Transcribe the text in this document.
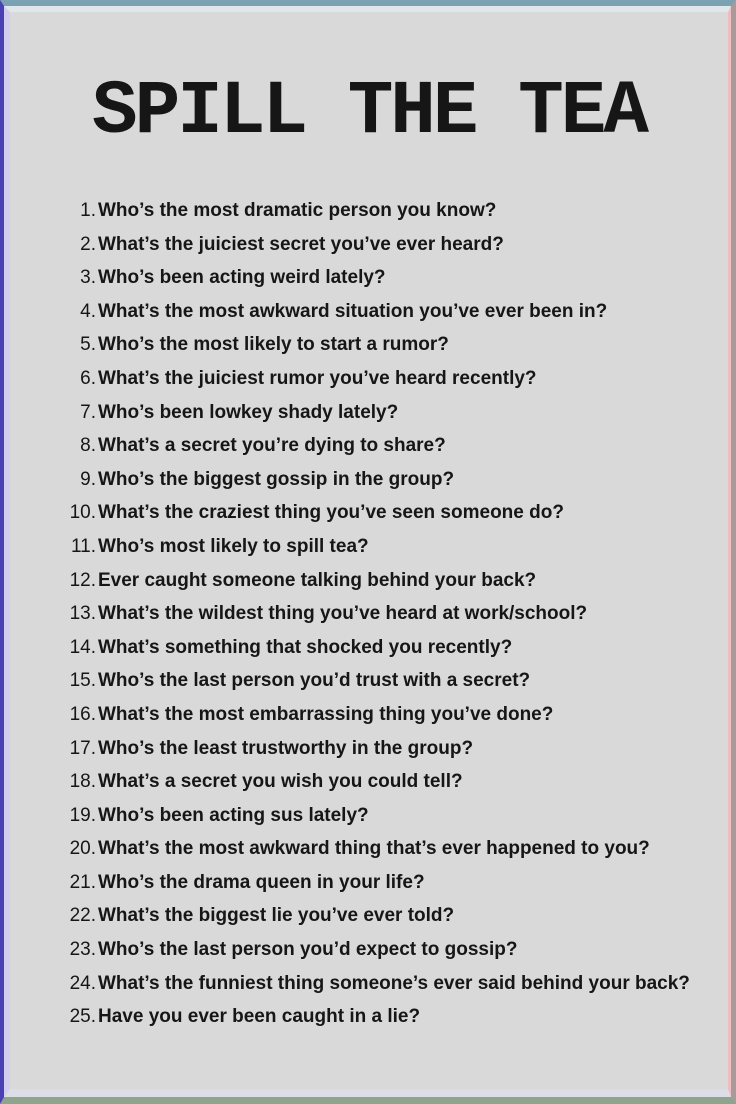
SPILL THE TEA
1. Who’s the most dramatic person you know?
2. What’s the juiciest secret you’ve ever heard?
3. Who’s been acting weird lately?
4. What’s the most awkward situation you’ve ever been in?
5. Who’s the most likely to start a rumor?
6. What’s the juiciest rumor you’ve heard recently?
7. Who’s been lowkey shady lately?
8. What’s a secret you’re dying to share?
9. Who’s the biggest gossip in the group?
10. What’s the craziest thing you’ve seen someone do?
11. Who’s most likely to spill tea?
12. Ever caught someone talking behind your back?
13. What’s the wildest thing you’ve heard at work/school?
14. What’s something that shocked you recently?
15. Who’s the last person you’d trust with a secret?
16. What’s the most embarrassing thing you’ve done?
17. Who’s the least trustworthy in the group?
18. What’s a secret you wish you could tell?
19. Who’s been acting sus lately?
20. What’s the most awkward thing that’s ever happened to you?
21. Who’s the drama queen in your life?
22. What’s the biggest lie you’ve ever told?
23. Who’s the last person you’d expect to gossip?
24. What’s the funniest thing someone’s ever said behind your back?
25. Have you ever been caught in a lie?
